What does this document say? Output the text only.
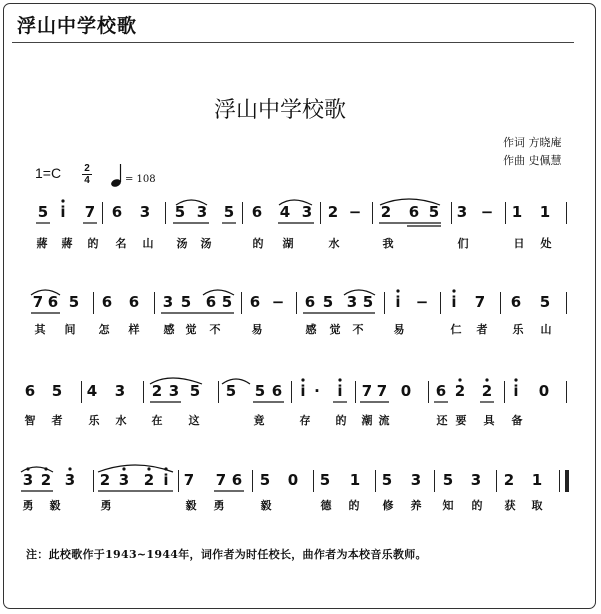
浮山中学校歌
浮山中学校歌
作词 方晓庵
作曲 史佩慧
1=C 2
4	= 108
5 i	7	6	3	5 3	5	6	4 3	2 −	2	6 5	3 −	1	1
蔣	蔣	的	名	山	汤	汤	的	湖	水	我	们	日	处
7 6 5	6	6	3 5 6 5	6 −	6 5 3 5	i	−	i	7	6	5
其	间	怎	样	感	觉	不	易	感	觉	不	易	仁	者	乐	山
6	5	4	3	2 3 5	5	5 6	i ·	i	7 7 0	6 2	2	i	0
智	者	乐	水	在	这	竟	存	的	潮 流	还 要	具	备
3 2 3	2 3 2 i	7	7 6	5	0	5	1	5	3	5	3	2	1
勇	毅	勇	毅	勇	毅	德	的	修	养	知	的	获	取
注：此校歌作于1943~1944年，词作者为时任校长，曲作者为本校音乐教师。
